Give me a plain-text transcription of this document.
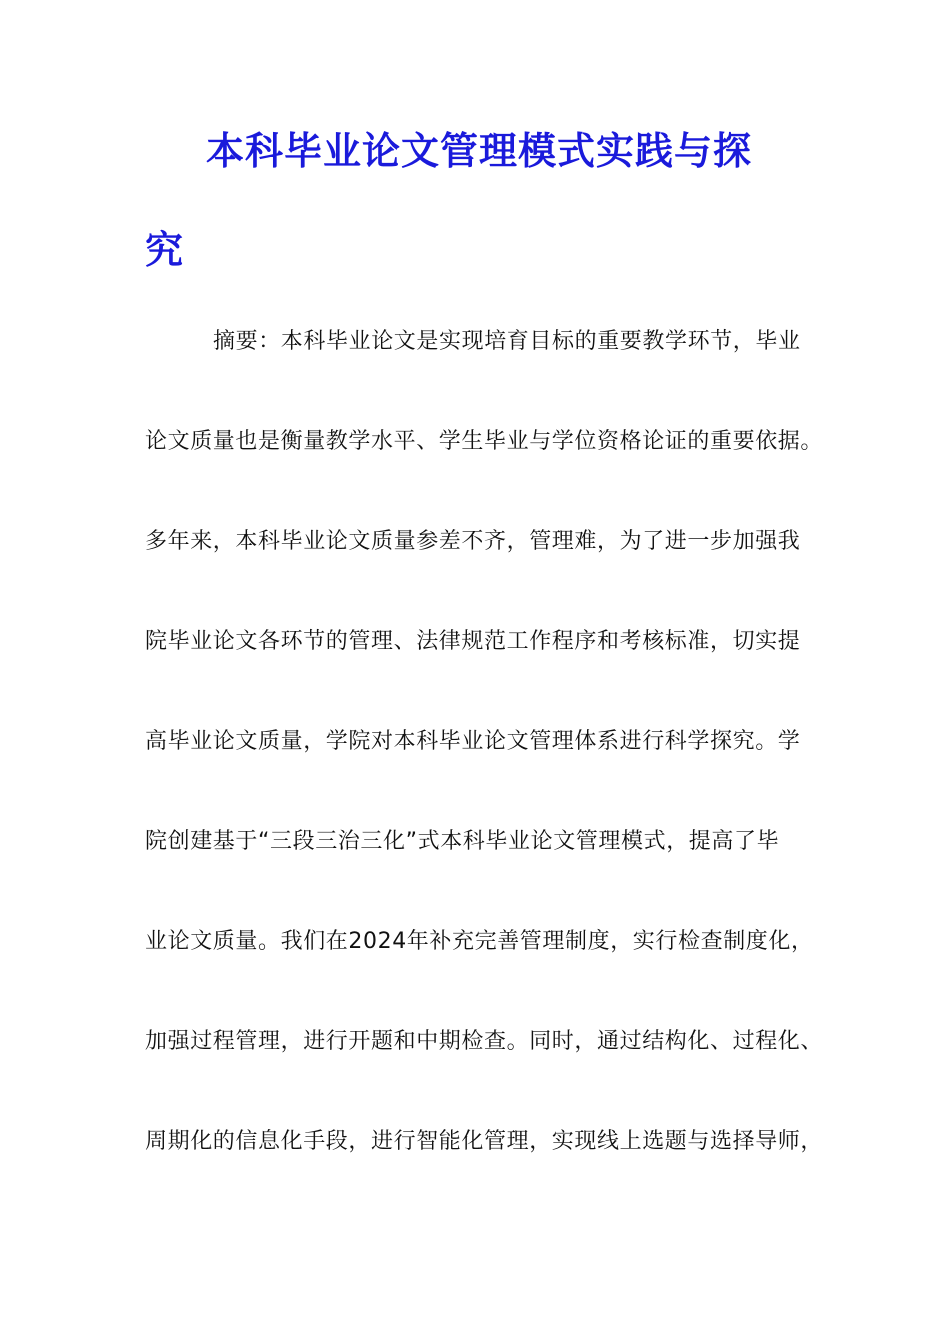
本科毕业论文管理模式实践与探
究
摘要：本科毕业论文是实现培育目标的重要教学环节，毕业
论文质量也是衡量教学水平、学生毕业与学位资格论证的重要依据。
多年来，本科毕业论文质量参差不齐，管理难，为了进一步加强我
院毕业论文各环节的管理、法律规范工作程序和考核标准，切实提
高毕业论文质量，学院对本科毕业论文管理体系进行科学探究。学
院创建基于“三段三治三化”式本科毕业论文管理模式，提高了毕
业论文质量。我们在2024年补充完善管理制度，实行检查制度化，
加强过程管理，进行开题和中期检查。同时，通过结构化、过程化、
周期化的信息化手段，进行智能化管理，实现线上选题与选择导师，
